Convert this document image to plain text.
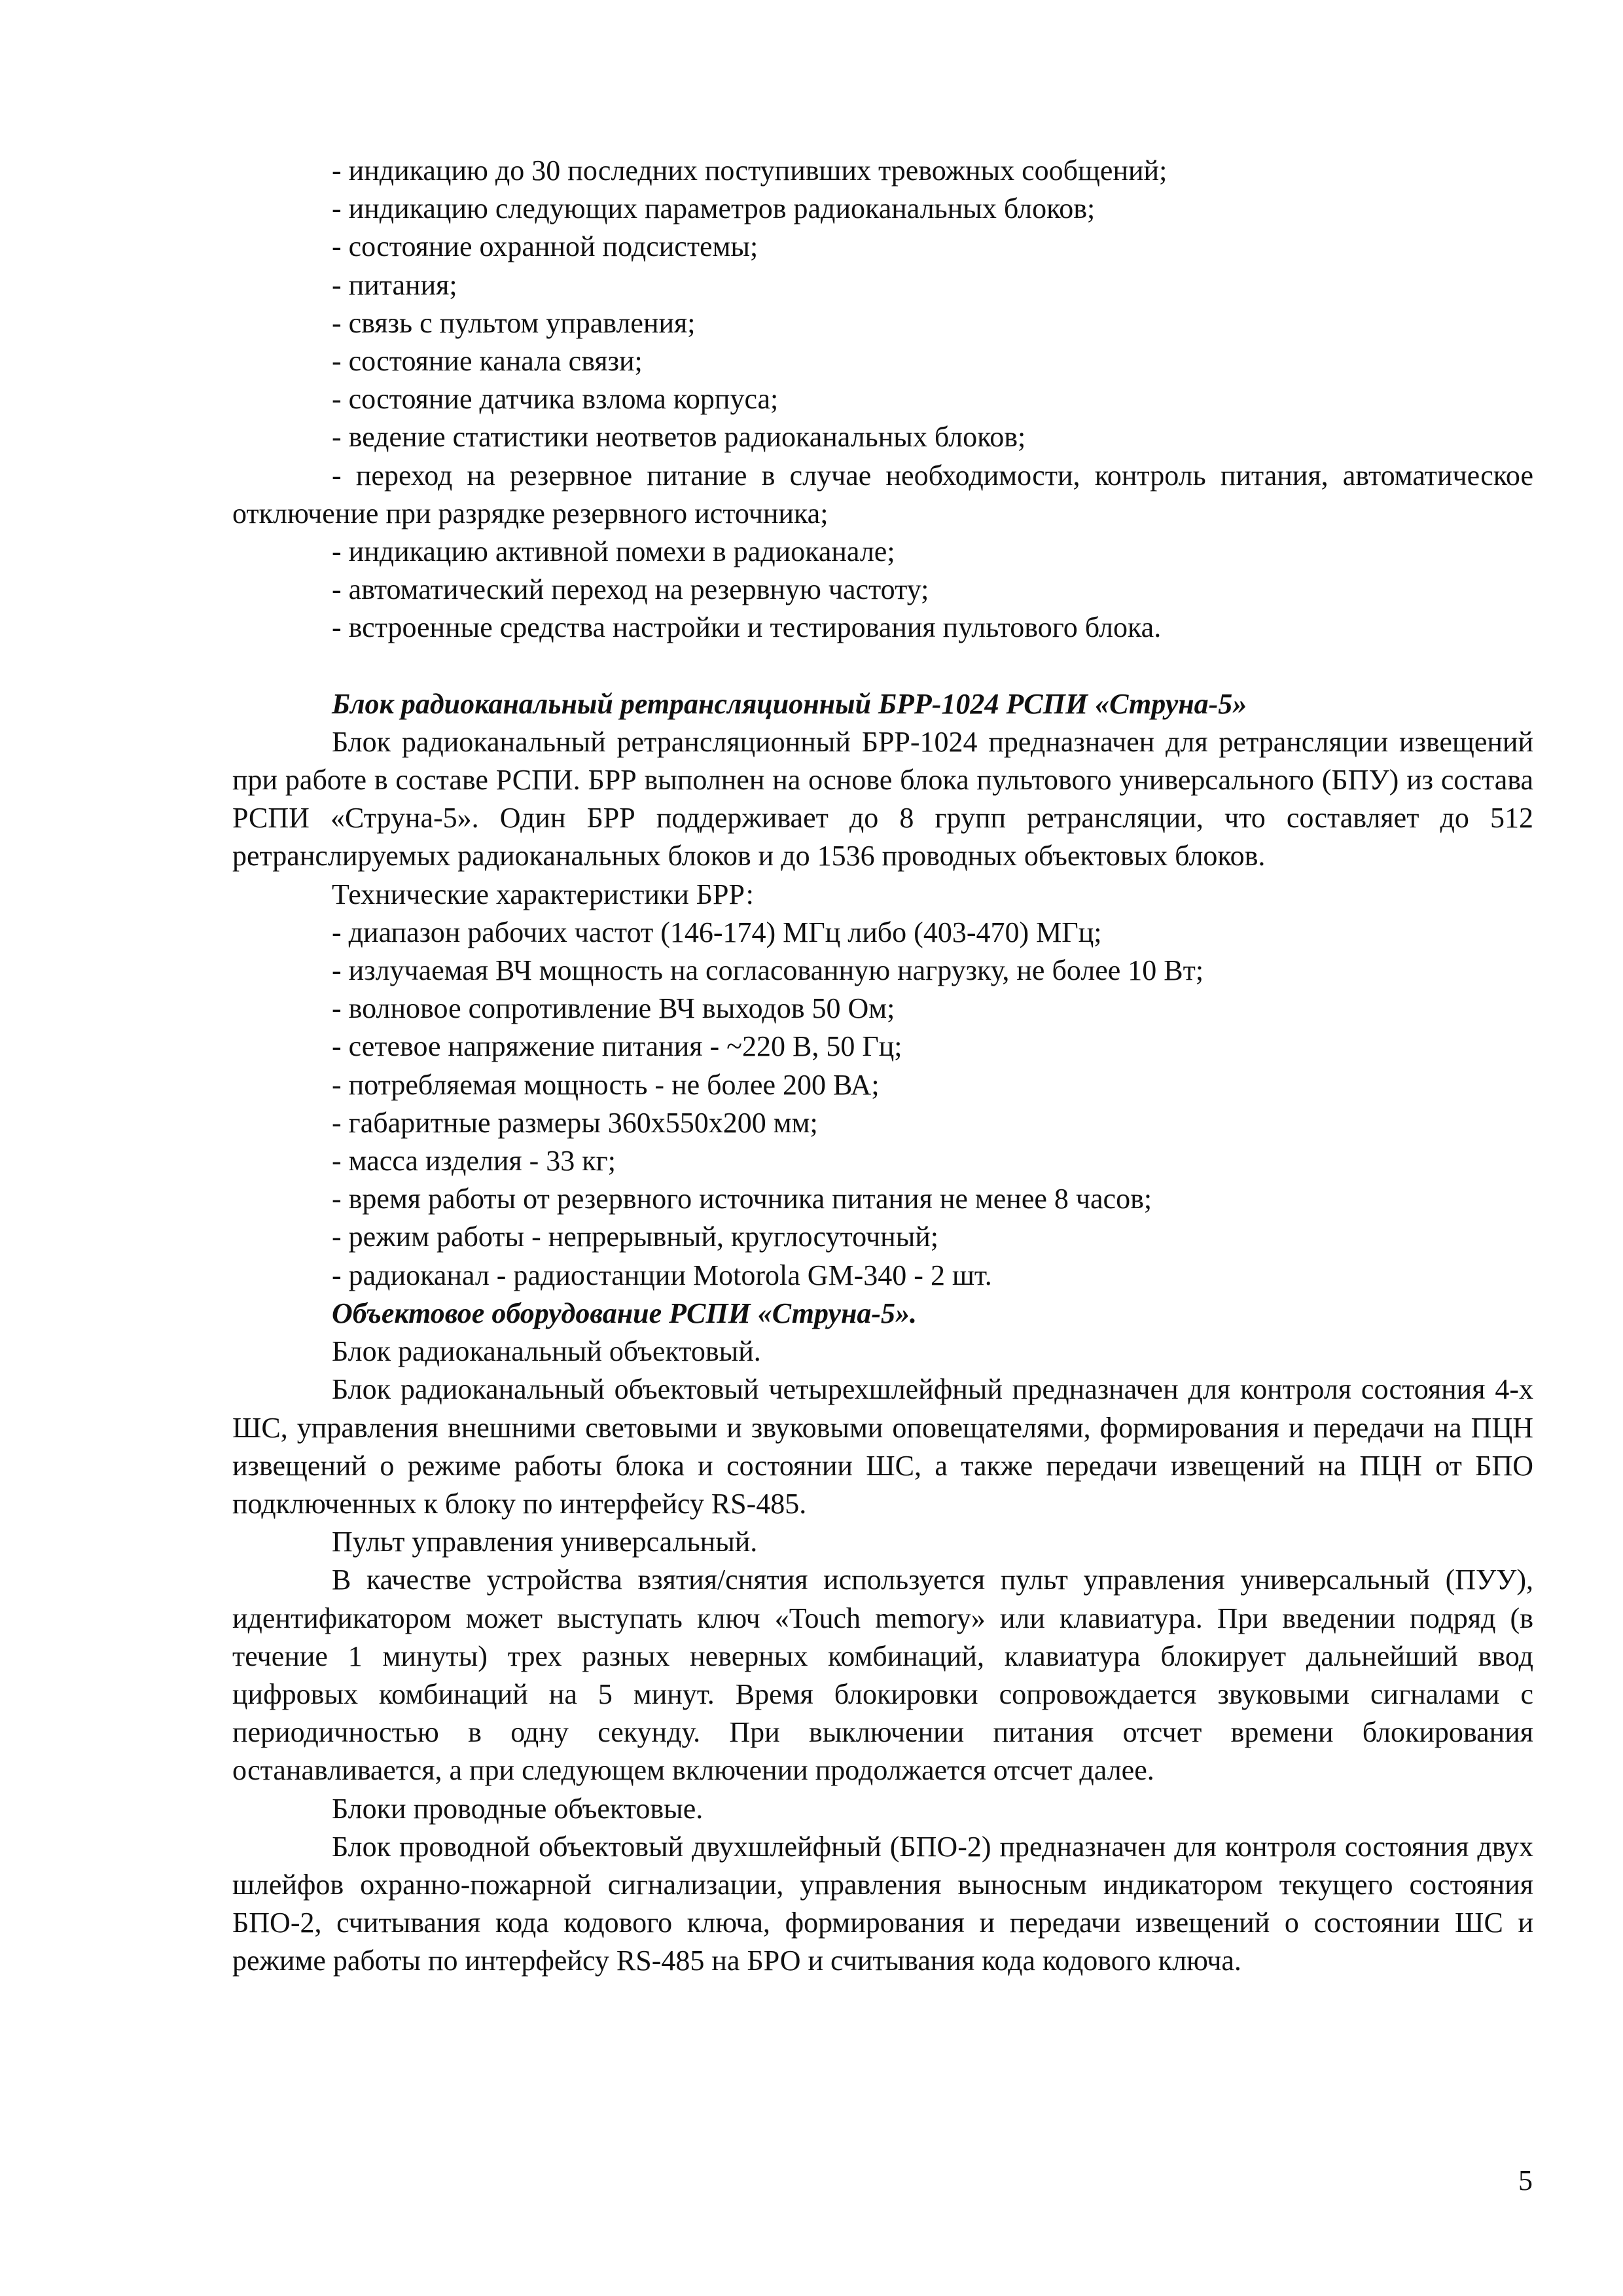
- индикацию до 30 последних поступивших тревожных сообщений;

- индикацию следующих параметров радиоканальных блоков;

- состояние охранной подсистемы;

- питания;

- связь с пультом управления;

- состояние канала связи;

- состояние датчика взлома корпуса;

- ведение статистики неответов радиоканальных блоков;

- переход на резервное питание в случае необходимости, контроль питания, автоматическое отключение при разрядке резервного источника;

- индикацию активной помехи в радиоканале;

- автоматический переход на резервную частоту;

- встроенные средства настройки и тестирования пультового блока.

Блок радиоканальный ретрансляционный БРР-1024 РСПИ «Струна-5»

Блок радиоканальный ретрансляционный БРР-1024 предназначен для ретрансляции извещений при работе в составе РСПИ. БРР выполнен на основе блока пультового универсального (БПУ) из состава РСПИ «Струна-5». Один БРР поддерживает до 8 групп ретрансляции, что составляет до 512 ретранслируемых радиоканальных блоков и до 1536 проводных объектовых блоков.

Технические характеристики БРР:

- диапазон рабочих частот (146-174) МГц либо (403-470) МГц;

- излучаемая ВЧ мощность на согласованную нагрузку, не более 10 Вт;

- волновое сопротивление ВЧ выходов 50 Ом;

- сетевое напряжение питания - ~220 В, 50 Гц;

- потребляемая мощность - не более 200 ВА;

- габаритные размеры 360х550х200 мм;

- масса изделия - 33 кг;

- время работы от резервного источника питания не менее 8 часов;

- режим работы - непрерывный, круглосуточный;

- радиоканал - радиостанции Motorola GM-340 - 2 шт.

Объектовое оборудование РСПИ «Струна-5».

Блок радиоканальный объектовый.

Блок радиоканальный объектовый четырехшлейфный предназначен для контроля состояния 4-х ШС, управления внешними световыми и звуковыми оповещателями, формирования и передачи на ПЦН извещений о режиме работы блока и состоянии ШС, а также передачи извещений на ПЦН от БПО подключенных к блоку по интерфейсу RS-485.

Пульт управления универсальный.

В качестве устройства взятия/снятия используется пульт управления универсальный (ПУУ), идентификатором может выступать ключ «Touch memory» или клавиатура. При введении подряд (в течение 1 минуты) трех разных неверных комбинаций, клавиатура блокирует дальнейший ввод цифровых комбинаций на 5 минут. Время блокировки сопровождается звуковыми сигналами с периодичностью в одну секунду. При выключении питания отсчет времени блокирования останавливается, а при следующем включении продолжается отсчет далее.

Блоки проводные объектовые.

Блок проводной объектовый двухшлейфный (БПО-2) предназначен для контроля состояния двух шлейфов охранно-пожарной сигнализации, управления выносным индикатором текущего состояния БПО-2, считывания кода кодового ключа, формирования и передачи извещений о состоянии ШС и режиме работы по интерфейсу RS-485 на БРО и считывания кода кодового ключа.

5
